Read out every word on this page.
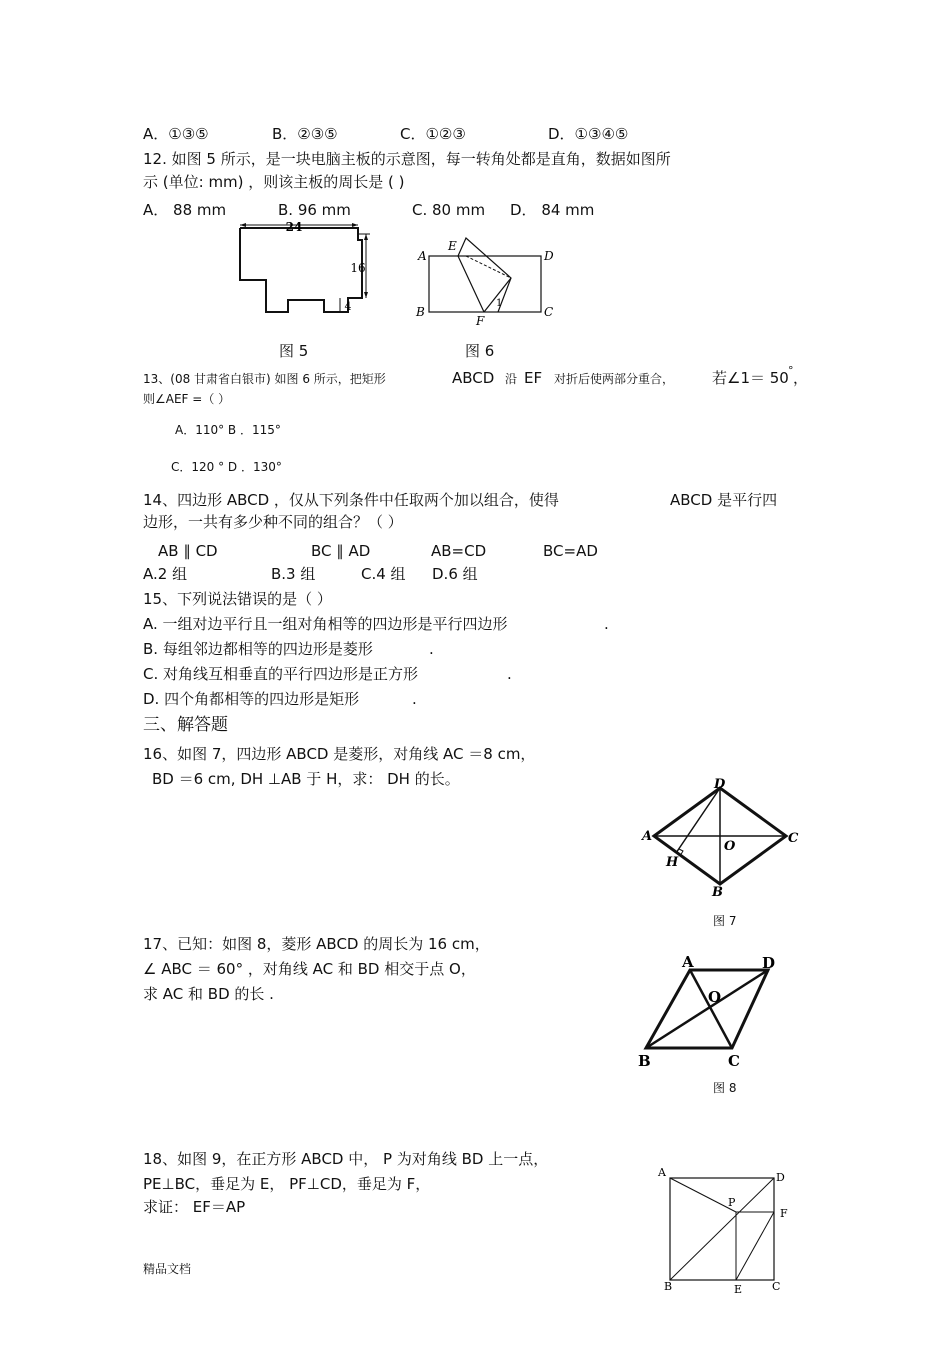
A．①③⑤	B．②③⑤	C．①②③	D．①③④⑤
12. 如图 5 所示，是一块电脑主板的示意图，每一转角处都是直角，数据如图所
示 (单位: mm) ，则该主板的周长是 ( )
A． 88 mm	B. 96 mm	C. 80 mm D． 84 mm
24
16
4
A
E
D
B
F
C
1
图 5	图 6
13、(08 甘肃省白银市) 如图 6 所示，把矩形	ABCD 沿 EF 对折后使两部分重合，	若∠1＝ 50 ° ，
则∠AEF =（ ）
A．110° B ．115°
C．120 ° D ．130°
14、四边形 ABCD ，仅从下列条件中任取两个加以组合，使得	ABCD 是平行四
边形，一共有多少种不同的组合？（ ）
AB ∥ CD	BC ∥ AD	AB=CD	BC=AD
A.2 组	B.3 组	C.4 组 D.6 组
15、下列说法错误的是（ ）
A. 一组对边平行且一组对角相等的四边形是平行四边形	.
B. 每组邻边都相等的四边形是菱形	.
C. 对角线互相垂直的平行四边形是正方形	.
D. 四个角都相等的四边形是矩形	.
三、解答题
16、如图 7，四边形 ABCD 是菱形，对角线 AC ＝8 cm，
BD ＝6 cm, DH ⊥AB 于 H，求： DH 的长。
A
D
C
B
H
O
图 7
17、已知：如图 8，菱形 ABCD 的周长为 16 cm，
∠ ABC ＝ 60° ，对角线 AC 和 BD 相交于点 O，
求 AC 和 BD 的长 .
A	D
O
B	C
图 8
18、如图 9，在正方形 ABCD 中， P 为对角线 BD 上一点，
PE⊥BC，垂足为 E， PF⊥CD，垂足为 F，
求证： EF＝AP
A	D
P
F
B	E	C
精品文档
